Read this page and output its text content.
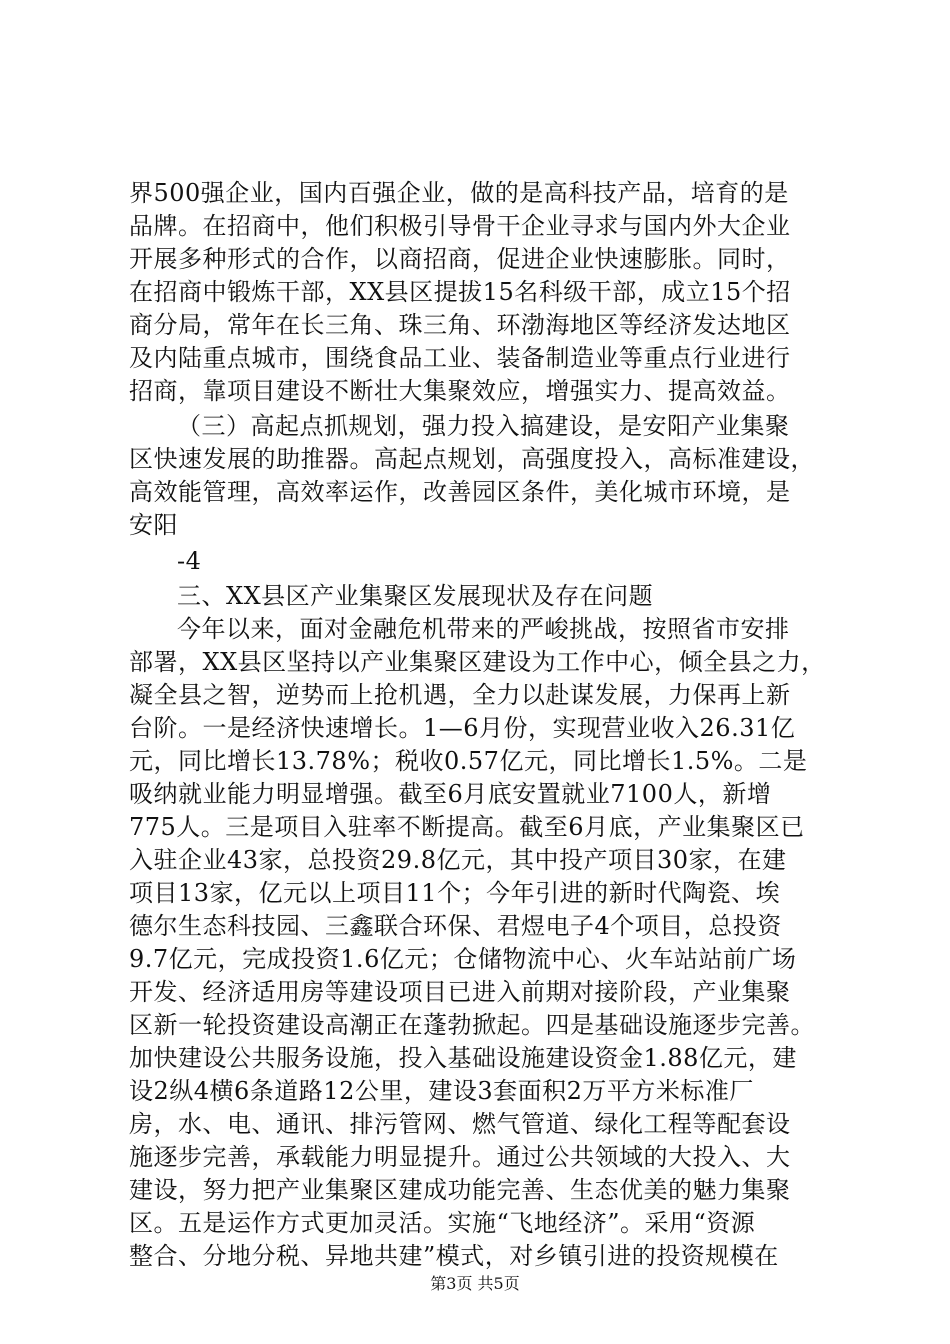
界500强企业，国内百强企业，做的是高科技产品，培育的是
品牌。在招商中，他们积极引导骨干企业寻求与国内外大企业
开展多种形式的合作，以商招商，促进企业快速膨胀。同时，
在招商中锻炼干部，XX县区提拔15名科级干部，成立15个招
商分局，常年在长三角、珠三角、环渤海地区等经济发达地区
及内陆重点城市，围绕食品工业、装备制造业等重点行业进行
招商，靠项目建设不断壮大集聚效应，增强实力、提高效益。
（三）高起点抓规划，强力投入搞建设，是安阳产业集聚
区快速发展的助推器。高起点规划，高强度投入，高标准建设，
高效能管理，高效率运作，改善园区条件，美化城市环境，是
安阳
-4
三、XX县区产业集聚区发展现状及存在问题
今年以来，面对金融危机带来的严峻挑战，按照省市安排
部署，XX县区坚持以产业集聚区建设为工作中心，倾全县之力，
凝全县之智，逆势而上抢机遇，全力以赴谋发展，力保再上新
台阶。一是经济快速增长。1—6月份，实现营业收入26.31亿
元，同比增长13.78%；税收0.57亿元，同比增长1.5%。二是
吸纳就业能力明显增强。截至6月底安置就业7100人，新增
775人。三是项目入驻率不断提高。截至6月底，产业集聚区已
入驻企业43家，总投资29.8亿元，其中投产项目30家，在建
项目13家，亿元以上项目11个；今年引进的新时代陶瓷、埃
德尔生态科技园、三鑫联合环保、君煜电子4个项目，总投资
9.7亿元，完成投资1.6亿元；仓储物流中心、火车站站前广场
开发、经济适用房等建设项目已进入前期对接阶段，产业集聚
区新一轮投资建设高潮正在蓬勃掀起。四是基础设施逐步完善。
加快建设公共服务设施，投入基础设施建设资金1.88亿元，建
设2纵4横6条道路12公里，建设3套面积2万平方米标准厂
房，水、电、通讯、排污管网、燃气管道、绿化工程等配套设
施逐步完善，承载能力明显提升。通过公共领域的大投入、大
建设，努力把产业集聚区建成功能完善、生态优美的魅力集聚
区。五是运作方式更加灵活。实施“飞地经济”。采用“资源
整合、分地分税、异地共建”模式，对乡镇引进的投资规模在
第3页 共5页
